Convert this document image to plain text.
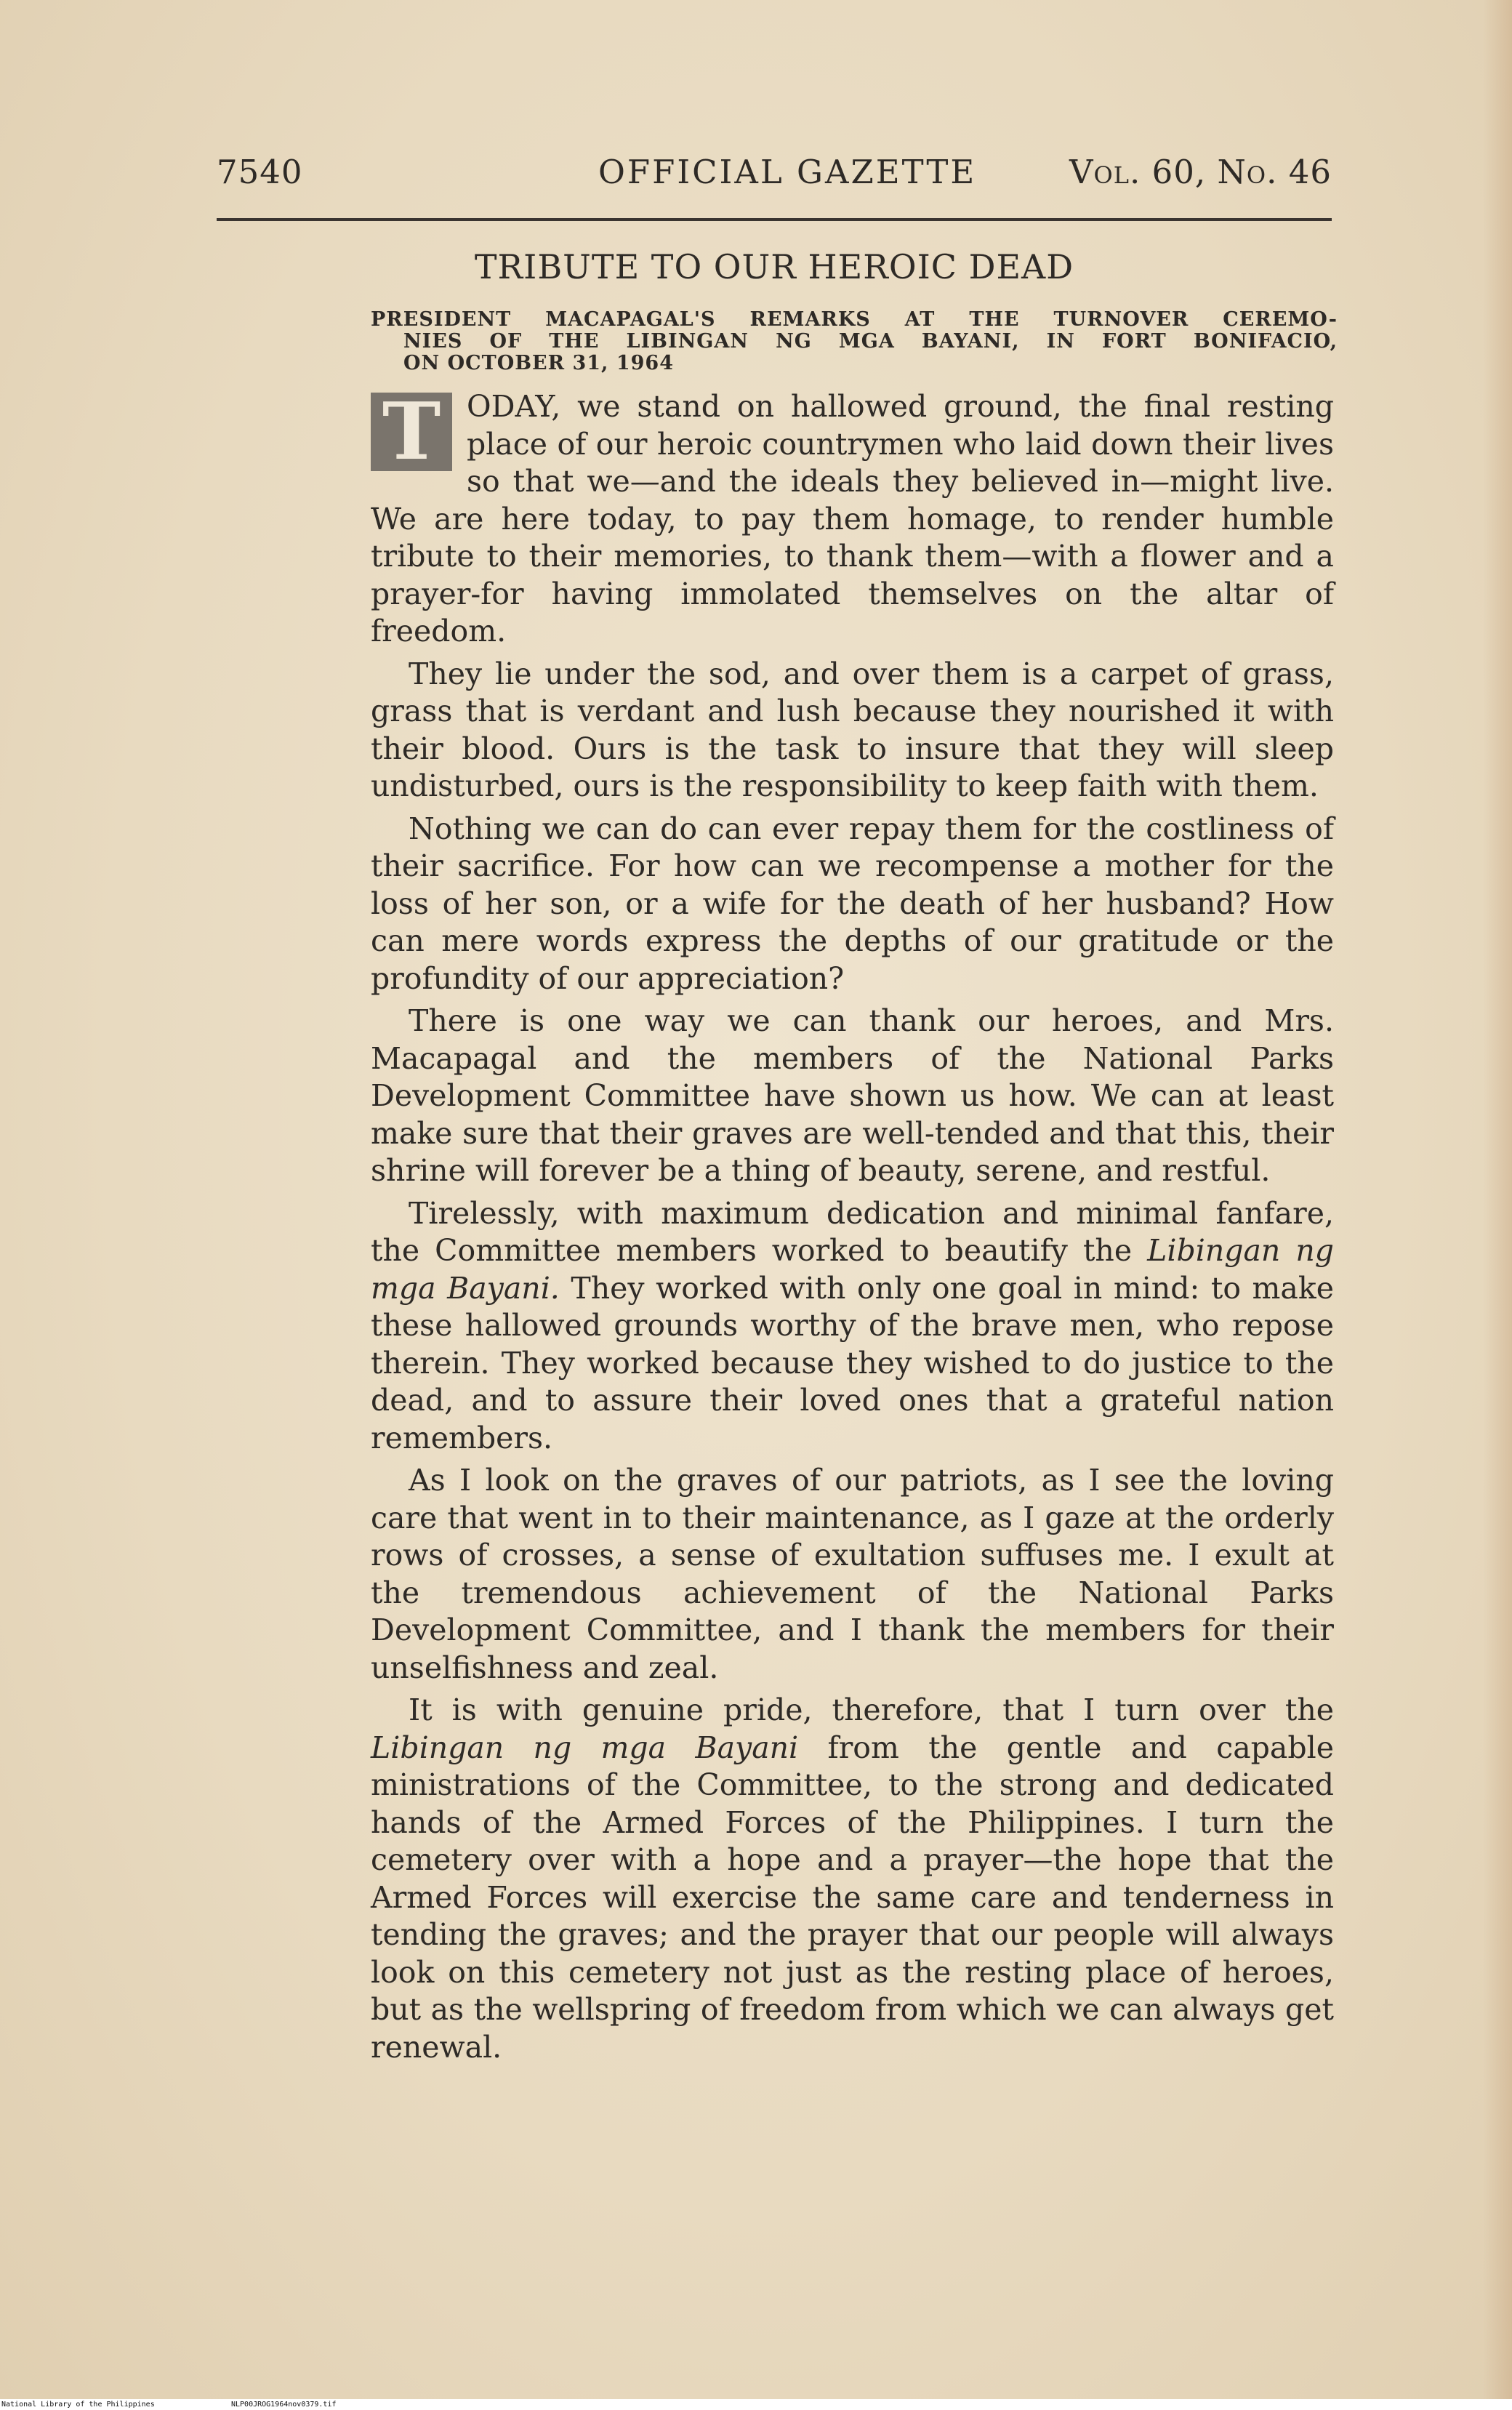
7540	OFFICIAL GAZETTE	Vol. 60, No. 46
TRIBUTE TO OUR HEROIC DEAD
PRESIDENT MACAPAGAL'S REMARKS AT THE TURNOVER CEREMO-
NIES OF THE LIBINGAN NG MGA BAYANI, IN FORT BONIFACIO,
ON OCTOBER 31, 1964

T ODAY, we stand on hallowed ground, the final resting place of our heroic countrymen who laid down their lives so that we—and the ideals they believed in—might live. We are here today, to pay them homage, to render humble tribute to their memories, to thank them—with a flower and a prayer-for having immolated themselves on the altar of freedom.

They lie under the sod, and over them is a carpet of grass, grass that is verdant and lush because they nourished it with their blood. Ours is the task to insure that they will sleep undisturbed, ours is the responsibility to keep faith with them.

Nothing we can do can ever repay them for the costliness of their sacrifice. For how can we recompense a mother for the loss of her son, or a wife for the death of her husband? How can mere words express the depths of our gratitude or the profundity of our appreciation?

There is one way we can thank our heroes, and Mrs. Macapagal and the members of the National Parks Development Committee have shown us how. We can at least make sure that their graves are well-tended and that this, their shrine will forever be a thing of beauty, serene, and restful.

Tirelessly, with maximum dedication and minimal fanfare, the Committee members worked to beautify the Libingan ng mga Bayani. They worked with only one goal in mind: to make these hallowed grounds worthy of the brave men, who repose therein. They worked because they wished to do justice to the dead, and to assure their loved ones that a grateful nation remembers.

As I look on the graves of our patriots, as I see the loving care that went in to their maintenance, as I gaze at the orderly rows of crosses, a sense of exultation suffuses me. I exult at the tremendous achievement of the National Parks Development Committee, and I thank the members for their unselfishness and zeal.

It is with genuine pride, therefore, that I turn over the Libingan ng mga Bayani from the gentle and capable ministrations of the Committee, to the strong and dedicated hands of the Armed Forces of the Philippines. I turn the cemetery over with a hope and a prayer—the hope that the Armed Forces will exercise the same care and tenderness in tending the graves; and the prayer that our people will always look on this cemetery not just as the resting place of heroes, but as the wellspring of freedom from which we can always get renewal.

National Library of the Philippines	NLP00JROG1964nov0379.tif
